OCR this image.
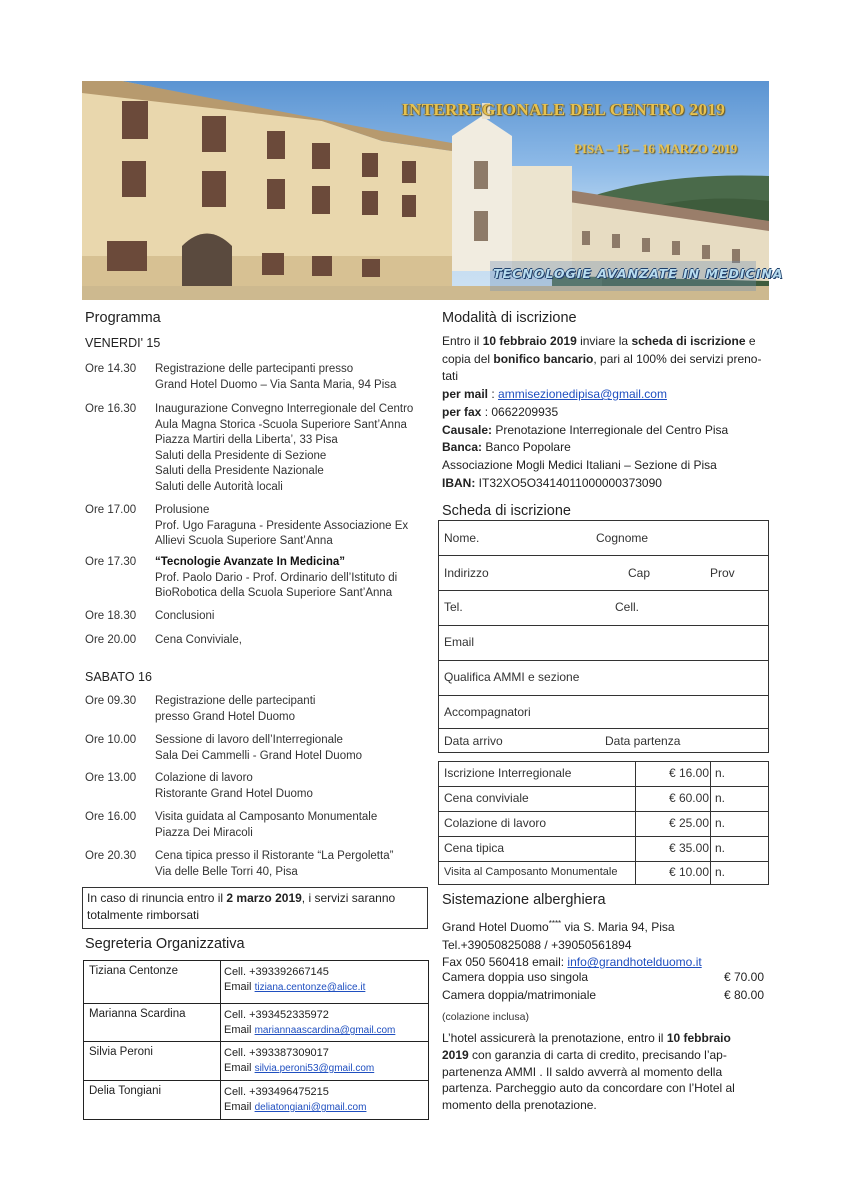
INTERREGIONALE DEL CENTRO 2019
PISA – 15 – 16 MARZO 2019
TECNOLOGIE AVANZATE IN MEDICINA
Programma
VENERDI' 15
Ore 14.30 Registrazione delle partecipanti presso
Grand Hotel Duomo – Via Santa Maria, 94 Pisa
Ore 16.30 Inaugurazione Convegno Interregionale del Centro
Aula Magna Storica -Scuola Superiore Sant’Anna
Piazza Martiri della Liberta’, 33 Pisa
Saluti della Presidente di Sezione
Saluti della Presidente Nazionale
Saluti delle Autorità locali
Ore 17.00 Prolusione
Prof. Ugo Faraguna - Presidente Associazione Ex
Allievi Scuola Superiore Sant’Anna
Ore 17.30 “Tecnologie Avanzate In Medicina”
Prof. Paolo Dario - Prof. Ordinario dell’Istituto di
BioRobotica della Scuola Superiore Sant’Anna
Ore 18.30 Conclusioni
Ore 20.00 Cena Conviviale,
SABATO 16
Ore 09.30 Registrazione delle partecipanti
presso Grand Hotel Duomo
Ore 10.00 Sessione di lavoro dell’Interregionale
Sala Dei Cammelli - Grand Hotel Duomo
Ore 13.00 Colazione di lavoro
Ristorante Grand Hotel Duomo
Ore 16.00 Visita guidata al Camposanto Monumentale
Piazza Dei Miracoli
Ore 20.30 Cena tipica presso il Ristorante “La Pergoletta”
Via delle Belle Torri 40, Pisa
In caso di rinuncia entro il 2 marzo 2019, i servizi saranno
totalmente rimborsati
Segreteria Organizzativa
Tiziana Centonze	Cell. +393392667145
Email tiziana.centonze@alice.it
Marianna Scardina	Cell. +393452335972
Email mariannaascardina@gmail.com
Silvia Peroni	Cell. +393387309017
Email silvia.peroni53@gmail.com
Delia Tongiani	Cell. +393496475215
Email deliatongiani@gmail.com
Modalità di iscrizione
Entro il 10 febbraio 2019 inviare la scheda di iscrizione e
copia del bonifico bancario, pari al 100% dei servizi preno-
tati
per mail : ammisezionedipisa@gmail.com
per fax : 0662209935
Causale: Prenotazione Interregionale del Centro Pisa
Banca: Banco Popolare
Associazione Mogli Medici Italiani – Sezione di Pisa
IBAN: IT32XO5O3414011000000373090
Scheda di iscrizione
Nome.	Cognome
Indirizzo	Cap	Prov
Tel.	Cell.
Email
Qualifica AMMI e sezione
Accompagnatori
Data arrivo	Data partenza
Iscrizione Interregionale	€ 16.00 n.
Cena conviviale	€ 60.00 n.
Colazione di lavoro	€ 25.00 n.
Cena tipica	€ 35.00 n.
Visita al Camposanto Monumentale	€ 10.00 n.
Sistemazione alberghiera
Grand Hotel Duomo**** via S. Maria 94, Pisa
Tel.+39050825088 / +39050561894
Fax 050 560418 email: info@grandhotelduomo.it
Camera doppia uso singola	€ 70.00
Camera doppia/matrimoniale	€ 80.00
(colazione inclusa)
L’hotel assicurerà la prenotazione, entro il 10 febbraio
2019 con garanzia di carta di credito, precisando l’ap-
partenenza AMMI . Il saldo avverrà al momento della
partenza. Parcheggio auto da concordare con l’Hotel al
momento della prenotazione.
